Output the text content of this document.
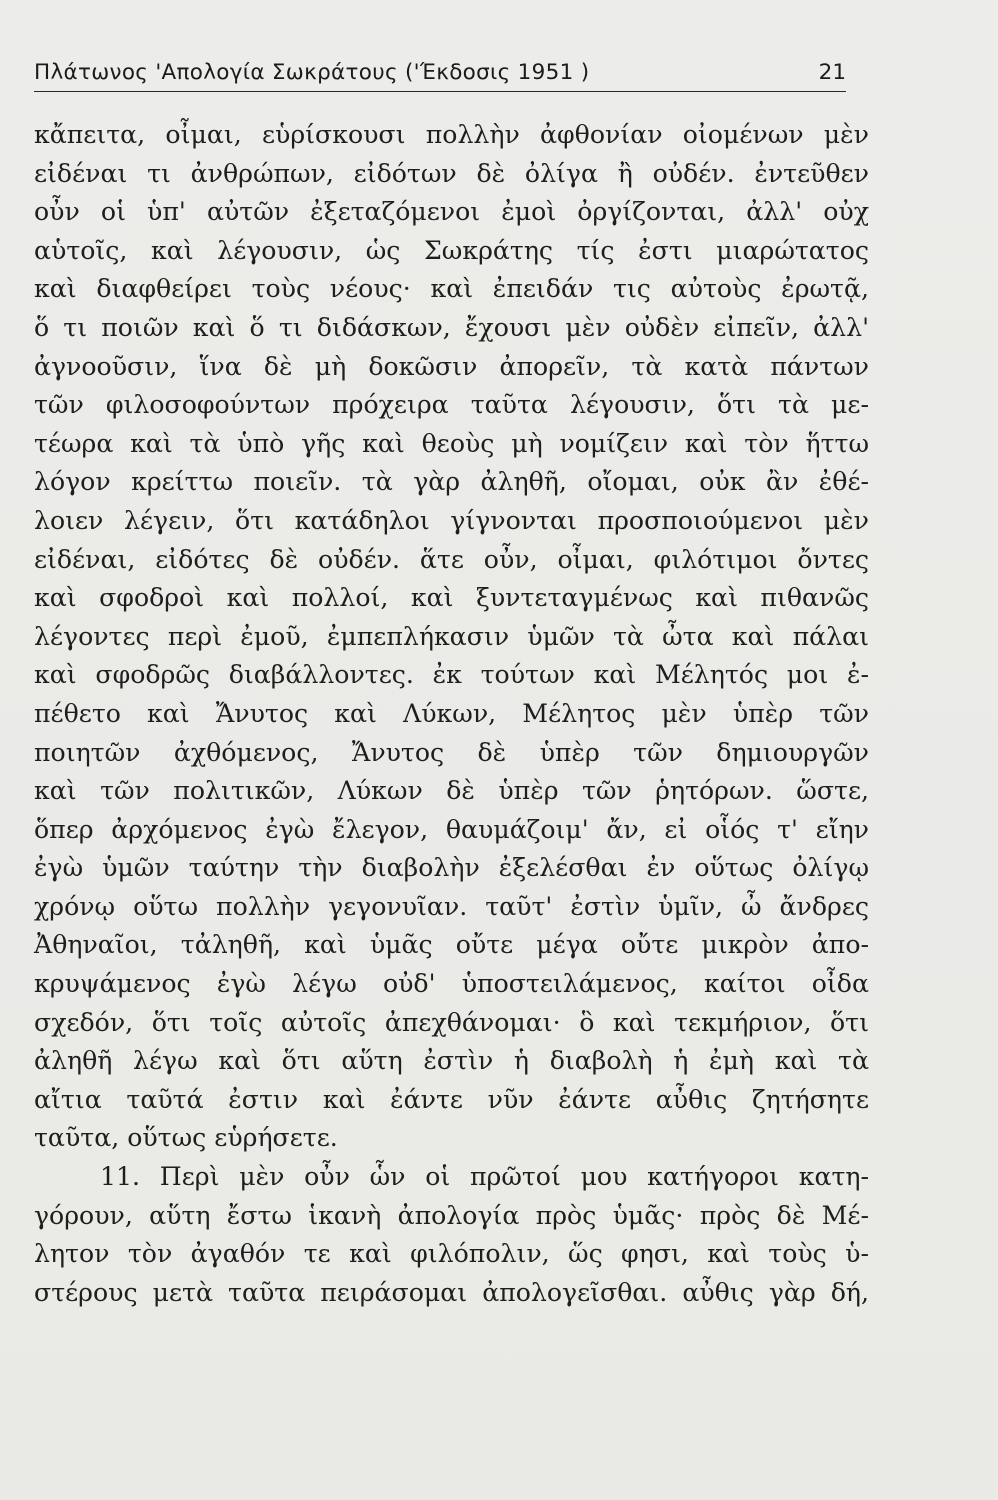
Πλάτωνος 'Απολογία Σωκράτους ('Έκδοσις 1951 )	21
κἄπειτα, οἶμαι, εὑρίσκουσι πολλὴν ἀφθονίαν οἰομένων μὲν
εἰδέναι τι ἀνθρώπων, εἰδότων δὲ ὀλίγα ἢ οὐδέν. ἐντεῦθεν
οὖν οἱ ὑπ' αὐτῶν ἐξεταζόμενοι ἐμοὶ ὀργίζονται, ἀλλ' οὐχ
αὑτοῖς, καὶ λέγουσιν, ὡς Σωκράτης τίς ἐστι μιαρώτατος
καὶ διαφθείρει τοὺς νέους· καὶ ἐπειδάν τις αὐτοὺς ἐρωτᾷ,
ὅ τι ποιῶν καὶ ὅ τι διδάσκων, ἔχουσι μὲν οὐδὲν εἰπεῖν, ἀλλ'
ἀγνοοῦσιν, ἵνα δὲ μὴ δοκῶσιν ἀπορεῖν, τὰ κατὰ πάντων
τῶν φιλοσοφούντων πρόχειρα ταῦτα λέγουσιν, ὅτι τὰ με-
τέωρα καὶ τὰ ὑπὸ γῆς καὶ θεοὺς μὴ νομίζειν καὶ τὸν ἥττω
λόγον κρείττω ποιεῖν. τὰ γὰρ ἀληθῆ, οἴομαι, οὐκ ἂν ἐθέ-
λοιεν λέγειν, ὅτι κατάδηλοι γίγνονται προσποιούμενοι μὲν
εἰδέναι, εἰδότες δὲ οὐδέν. ἅτε οὖν, οἶμαι, φιλότιμοι ὄντες
καὶ σφοδροὶ καὶ πολλοί, καὶ ξυντεταγμένως καὶ πιθανῶς
λέγοντες περὶ ἐμοῦ, ἐμπεπλήκασιν ὑμῶν τὰ ὦτα καὶ πάλαι
καὶ σφοδρῶς διαβάλλοντες. ἐκ τούτων καὶ Μέλητός μοι ἐ-
πέθετο καὶ Ἄνυτος καὶ Λύκων, Μέλητος μὲν ὑπὲρ τῶν
ποιητῶν ἀχθόμενος, Ἄνυτος δὲ ὑπὲρ τῶν δημιουργῶν
καὶ τῶν πολιτικῶν, Λύκων δὲ ὑπὲρ τῶν ῥητόρων. ὥστε,
ὅπερ ἀρχόμενος ἐγὼ ἔλεγον, θαυμάζοιμ' ἄν, εἰ οἷός τ' εἴην
ἐγὼ ὑμῶν ταύτην τὴν διαβολὴν ἐξελέσθαι ἐν οὕτως ὀλίγῳ
χρόνῳ οὕτω πολλὴν γεγονυῖαν. ταῦτ' ἐστὶν ὑμῖν, ὦ ἄνδρες
Ἀθηναῖοι, τἀληθῆ, καὶ ὑμᾶς οὔτε μέγα οὔτε μικρὸν ἀπο-
κρυψάμενος ἐγὼ λέγω οὐδ' ὑποστειλάμενος, καίτοι οἶδα
σχεδόν, ὅτι τοῖς αὐτοῖς ἀπεχθάνομαι· ὃ καὶ τεκμήριον, ὅτι
ἀληθῆ λέγω καὶ ὅτι αὕτη ἐστὶν ἡ διαβολὴ ἡ ἐμὴ καὶ τὰ
αἴτια ταῦτά ἐστιν καὶ ἐάντε νῦν ἐάντε αὖθις ζητήσητε
ταῦτα, οὕτως εὑρήσετε.
11. Περὶ μὲν οὖν ὧν οἱ πρῶτοί μου κατήγοροι κατη-
γόρουν, αὕτη ἔστω ἱκανὴ ἀπολογία πρὸς ὑμᾶς· πρὸς δὲ Μέ-
λητον τὸν ἀγαθόν τε καὶ φιλόπολιν, ὥς φησι, καὶ τοὺς ὑ-
στέρους μετὰ ταῦτα πειράσομαι ἀπολογεῖσθαι. αὖθις γὰρ δή,
